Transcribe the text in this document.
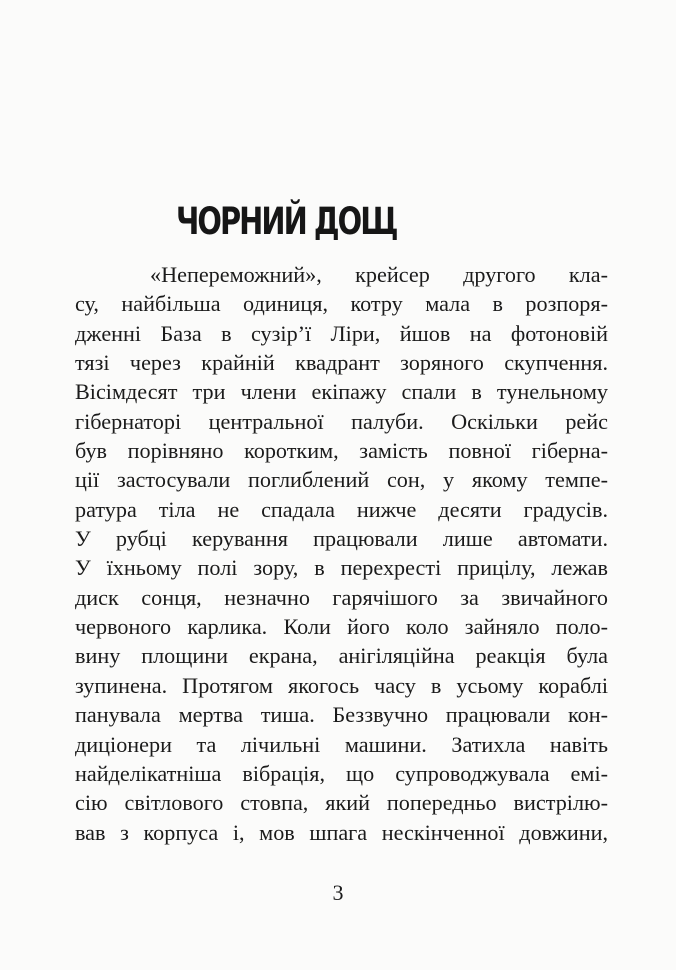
ЧОРНИЙ ДОЩ
«Непереможний», крейсер другого кла-
су, найбільша одиниця, котру мала в розпоря-
дженні База в сузір’ї Ліри, йшов на фотоновій
тязі через крайній квадрант зоряного скупчення.
Вісімдесят три члени екіпажу спали в тунельному
гібернаторі центральної палуби. Оскільки рейс
був порівняно коротким, замість повної гіберна-
ції застосували поглиблений сон, у якому темпе-
ратура тіла не спадала нижче десяти градусів.
У рубці керування працювали лише автомати.
У їхньому полі зору, в перехресті прицілу, лежав
диск сонця, незначно гарячішого за звичайного
червоного карлика. Коли його коло зайняло поло-
вину площини екрана, анігіляційна реакція була
зупинена. Протягом якогось часу в усьому кораблі
панувала мертва тиша. Беззвучно працювали кон-
диціонери та лічильні машини. Затихла навіть
найделікатніша вібрація, що супроводжувала емі-
сію світлового стовпа, який попередньо вистрілю-
вав з корпуса і, мов шпага нескінченної довжини,
3
